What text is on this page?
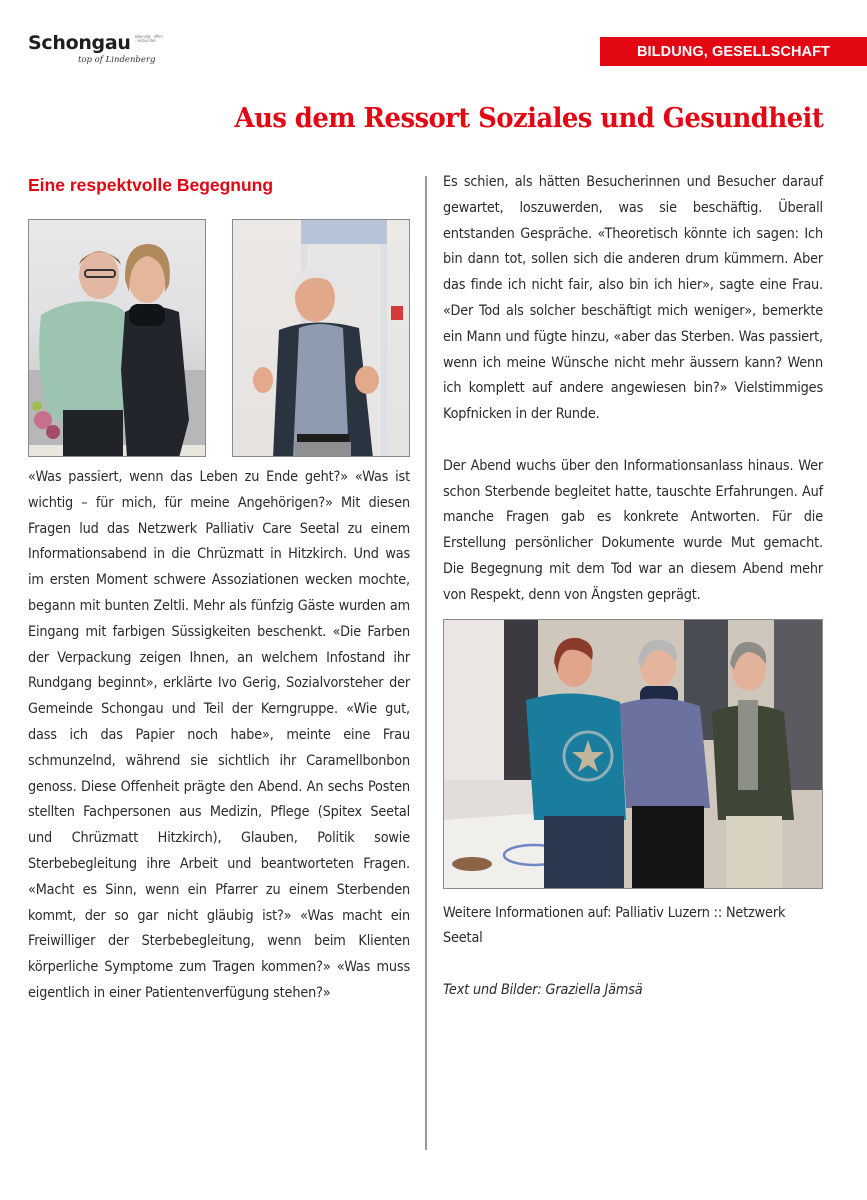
Schongau lebendig · offen · verbunden
top of Lindenberg
BILDUNG, GESELLSCHAFT
Aus dem Ressort Soziales und Gesundheit
Eine respektvolle Begegnung

«Was passiert, wenn das Leben zu Ende geht?» «Was ist wichtig – für mich, für meine Angehörigen?» Mit diesen Fragen lud das Netzwerk Palliativ Care Seetal zu einem Informationsabend in die Chrüzmatt in Hitzkirch. Und was im ersten Moment schwere Assoziationen wecken mochte, begann mit bunten Zeltli. Mehr als fünfzig Gäste wurden am Eingang mit farbigen Süssigkeiten beschenkt. «Die Farben der Verpackung zeigen Ihnen, an welchem Infostand ihr Rundgang beginnt», erklärte Ivo Gerig, Sozialvorsteher der Gemeinde Schongau und Teil der Kerngruppe. «Wie gut, dass ich das Papier noch habe», meinte eine Frau schmunzelnd, während sie sichtlich ihr Caramellbonbon genoss. Diese Offenheit prägte den Abend. An sechs Posten stellten Fachpersonen aus Medizin, Pflege (Spitex Seetal und Chrüzmatt Hitzkirch), Glauben, Politik sowie Sterbebegleitung ihre Arbeit und beantworteten Fragen. «Macht es Sinn, wenn ein Pfarrer zu einem Sterbenden kommt, der so gar nicht gläubig ist?» «Was macht ein Freiwilliger der Sterbebegleitung, wenn beim Klienten körperliche Symptome zum Tragen kommen?» «Was muss eigentlich in einer Patientenverfügung stehen?»

Es schien, als hätten Besucherinnen und Besucher darauf gewartet, loszuwerden, was sie beschäftig. Überall entstanden Gespräche. «Theoretisch könnte ich sagen: Ich bin dann tot, sollen sich die anderen drum kümmern. Aber das finde ich nicht fair, also bin ich hier», sagte eine Frau. «Der Tod als solcher beschäftigt mich weniger», bemerkte ein Mann und fügte hinzu, «aber das Sterben. Was passiert, wenn ich meine Wünsche nicht mehr äussern kann? Wenn ich komplett auf andere angewiesen bin?» Vielstimmiges Kopfnicken in der Runde.

Der Abend wuchs über den Informationsanlass hinaus. Wer schon Sterbende begleitet hatte, tauschte Erfahrungen. Auf manche Fragen gab es konkrete Antworten. Für die Erstellung persönlicher Dokumente wurde Mut gemacht. Die Begegnung mit dem Tod war an diesem Abend mehr von Respekt, denn von Ängsten geprägt.

Weitere Informationen auf: Palliativ Luzern :: Netzwerk Seetal

Text und Bilder: Graziella Jämsä
